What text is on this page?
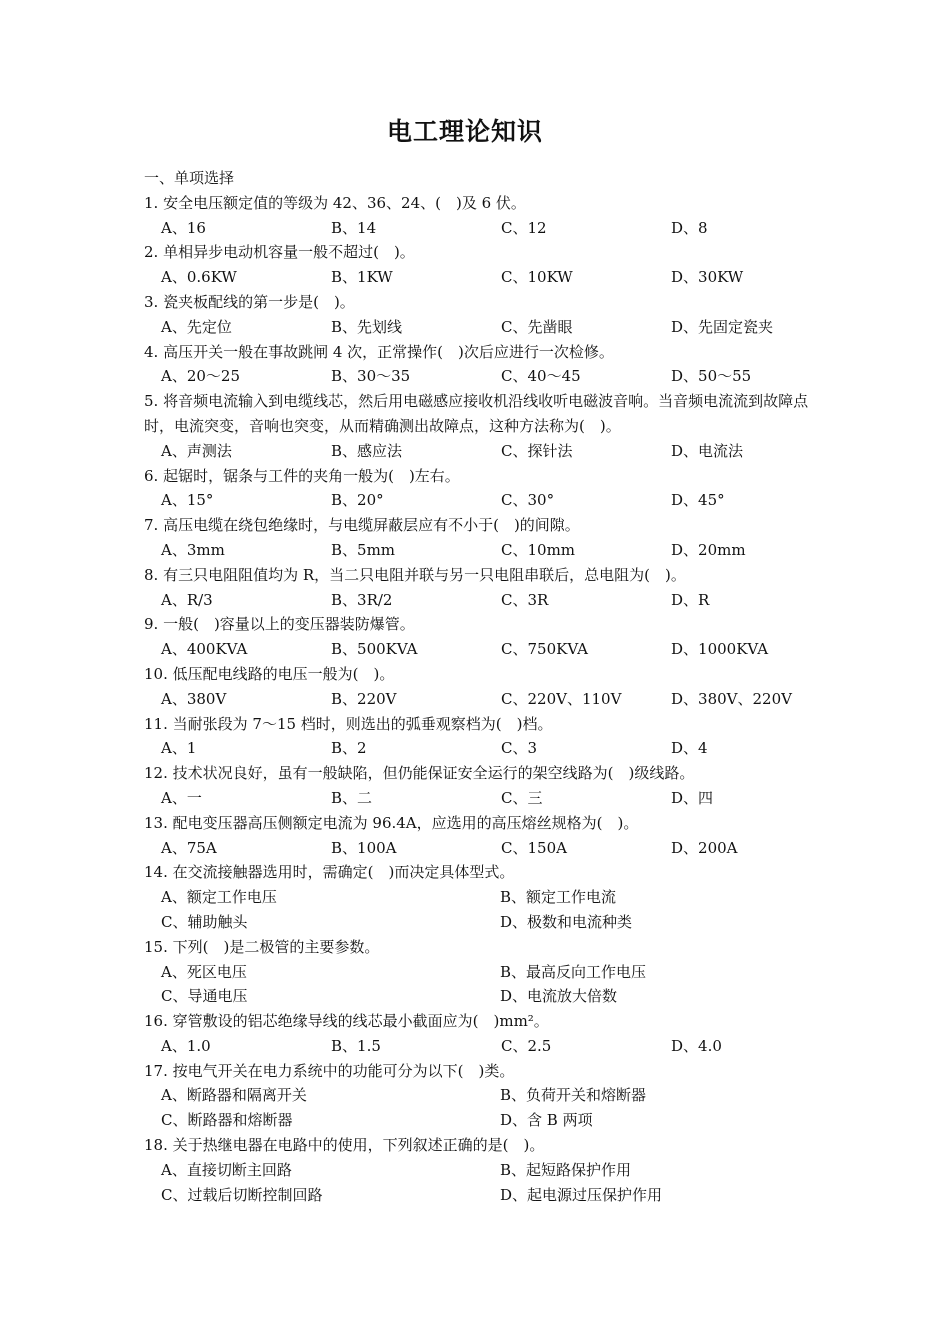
电工理论知识
一、单项选择
1. 安全电压额定值的等级为 42、36、24、(　)及 6 伏。
A、16	B、14	C、12	D、8
2. 单相异步电动机容量一般不超过(　)。
A、0.6KW	B、1KW	C、10KW	D、30KW
3. 瓷夹板配线的第一步是(　)。
A、先定位	B、先划线	C、先凿眼	D、先固定瓷夹
4. 高压开关一般在事故跳闸 4 次，正常操作(　)次后应进行一次检修。
A、20～25	B、30～35	C、40～45	D、50～55
5. 将音频电流输入到电缆线芯，然后用电磁感应接收机沿线收听电磁波音响。当音频电流流到故障点时，电流突变，音响也突变，从而精确测出故障点，这种方法称为(　)。
A、声测法	B、感应法	C、探针法	D、电流法
6. 起锯时，锯条与工件的夹角一般为(　)左右。
A、15°	B、20°	C、30°	D、45°
7. 高压电缆在绕包绝缘时，与电缆屏蔽层应有不小于(　)的间隙。
A、3mm	B、5mm	C、10mm	D、20mm
8. 有三只电阻阻值均为 R，当二只电阻并联与另一只电阻串联后，总电阻为(　)。
A、R/3	B、3R/2	C、3R	D、R
9. 一般(　)容量以上的变压器装防爆管。
A、400KVA	B、500KVA	C、750KVA	D、1000KVA
10. 低压配电线路的电压一般为(　)。
A、380V	B、220V	C、220V、110V	D、380V、220V
11. 当耐张段为 7～15 档时，则选出的弧垂观察档为(　)档。
A、1	B、2	C、3	D、4
12. 技术状况良好，虽有一般缺陷，但仍能保证安全运行的架空线路为(　)级线路。
A、一	B、二	C、三	D、四
13. 配电变压器高压侧额定电流为 96.4A，应选用的高压熔丝规格为(　)。
A、75A	B、100A	C、150A	D、200A
14. 在交流接触器选用时，需确定(　)而决定具体型式。
A、额定工作电压	B、额定工作电流
C、辅助触头	D、极数和电流种类
15. 下列(　)是二极管的主要参数。
A、死区电压	B、最高反向工作电压
C、导通电压	D、电流放大倍数
16. 穿管敷设的铝芯绝缘导线的线芯最小截面应为(　)mm²。
A、1.0	B、1.5	C、2.5	D、4.0
17. 按电气开关在电力系统中的功能可分为以下(　)类。
A、断路器和隔离开关	B、负荷开关和熔断器
C、断路器和熔断器	D、含 B 两项
18. 关于热继电器在电路中的使用，下列叙述正确的是(　)。
A、直接切断主回路	B、起短路保护作用
C、过载后切断控制回路	D、起电源过压保护作用
